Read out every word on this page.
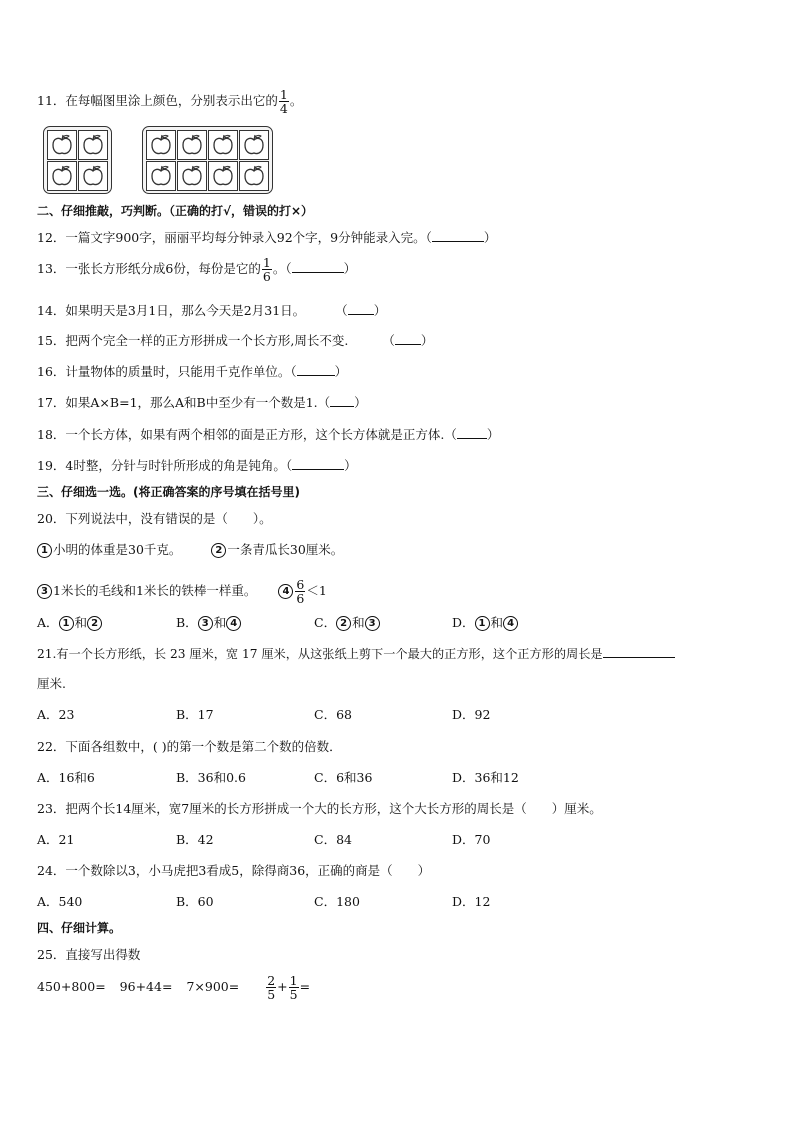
11．在每幅图里涂上颜色，分别表示出它的 $\frac{1}{4}$ 。
二、仔细推敲，巧判断。（正确的打√，错误的打×）
12．一篇文字900字，丽丽平均每分钟录入92个字，9分钟能录入完。（	）
13．一张长方形纸分成6份，每份是它的 $\frac{1}{6}$ 。（	）
14．如果明天是3月1日，那么今天是2月31日。 （ ）
15．把两个完全一样的正方形拼成一个长方形,周长不变.	（ ）
16．计量物体的质量时，只能用千克作单位。（	）
17．如果A×B=1，那么A和B中至少有一个数是1.（ ）
18．一个长方体，如果有两个相邻的面是正方形，这个长方体就是正方体.（ ）
19．4时整，分针与时针所形成的角是钝角。（	）
三、仔细选一选。(将正确答案的序号填在括号里)
20．下列说法中，没有错误的是（　　）。
1 小明的体重是30千克。	2 一条青瓜长30厘米。
3 1米长的毛线和1米长的铁棒一样重。	$4 \frac{6}{6} <1$
A． 1 和 2	B． 3 和 4	C． 2 和 3	D． 1 和 4
21.有一个长方形纸，长 23 厘米，宽 17 厘米，从这张纸上剪下一个最大的正方形，这个正方形的周长是
厘米.
A．23	B．17	C．68	D．92
22．下面各组数中，( )的第一个数是第二个数的倍数．
A．16和6	B．36和0.6	C．6和36	D．36和12
23．把两个长14厘米，宽7厘米的长方形拼成一个大的长方形，这个大长方形的周长是（　　）厘米。
A．21	B．42	C．84	D．70
24．一个数除以3，小马虎把3看成5，除得商36，正确的商是（　　）
A．540	B．60	C．180	D．12
四、仔细计算。
25．直接写出得数
$450+800= 96+44= 7\times 900= \frac{2}{5} + \frac{1}{5}$ =
